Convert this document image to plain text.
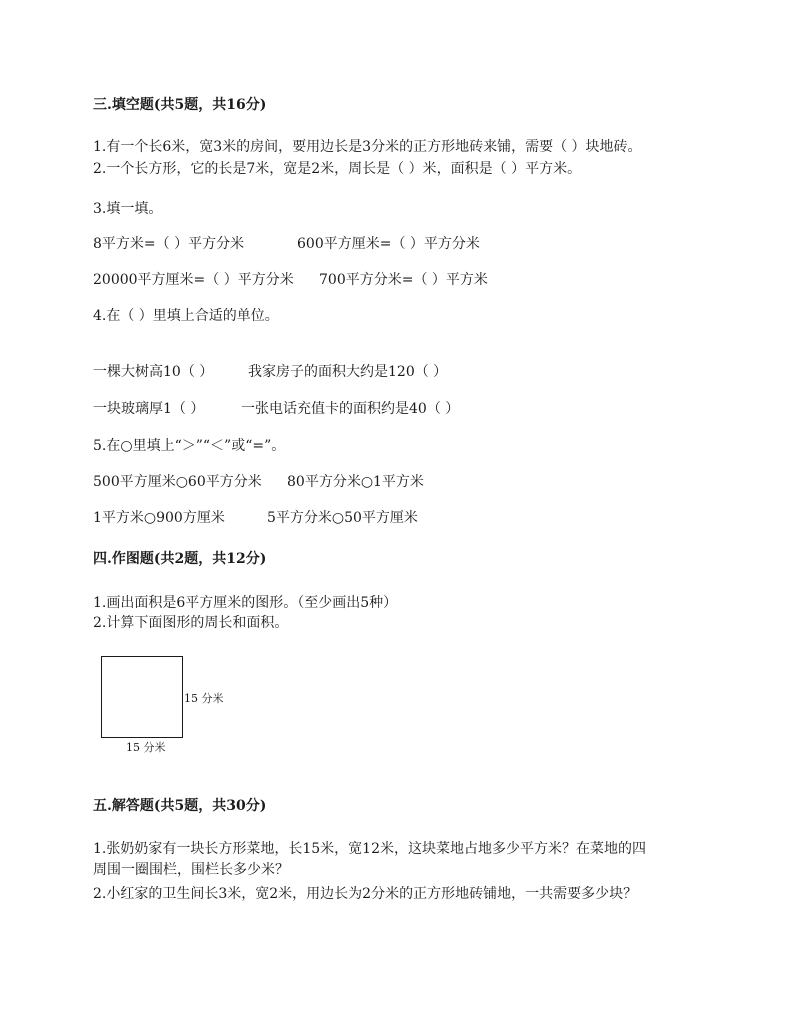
三.填空题(共5题，共16分)
1.有一个长6米，宽3米的房间，要用边长是3分米的正方形地砖来铺，需要（ ）块地砖。
2.一个长方形，它的长是7米，宽是2米，周长是（ ）米，面积是（ ）平方米。
3.填一填。
8平方米=（ ）平方分米	600平方厘米=（ ）平方分米
20000平方厘米=（ ）平方分米 700平方分米=（ ）平方米
4.在（ ）里填上合适的单位。
一棵大树高10（ ） 我家房子的面积大约是120（ ）
一块玻璃厚1（ ）	一张电话充值卡的面积约是40（ ）
5.在○里填上“＞”“＜”或“=”。
500平方厘米○60平方分米 80平方分米○1平方米
1平方米○900方厘米	5平方分米○50平方厘米
四.作图题(共2题，共12分)
1.画出面积是6平方厘米的图形。（至少画出5种）
2.计算下面图形的周长和面积。
15 分米
15 分米
五.解答题(共5题，共30分)
1.张奶奶家有一块长方形菜地，长15米，宽12米，这块菜地占地多少平方米？在菜地的四
周围一圈围栏，围栏长多少米？
2.小红家的卫生间长3米，宽2米，用边长为2分米的正方形地砖铺地，一共需要多少块？
